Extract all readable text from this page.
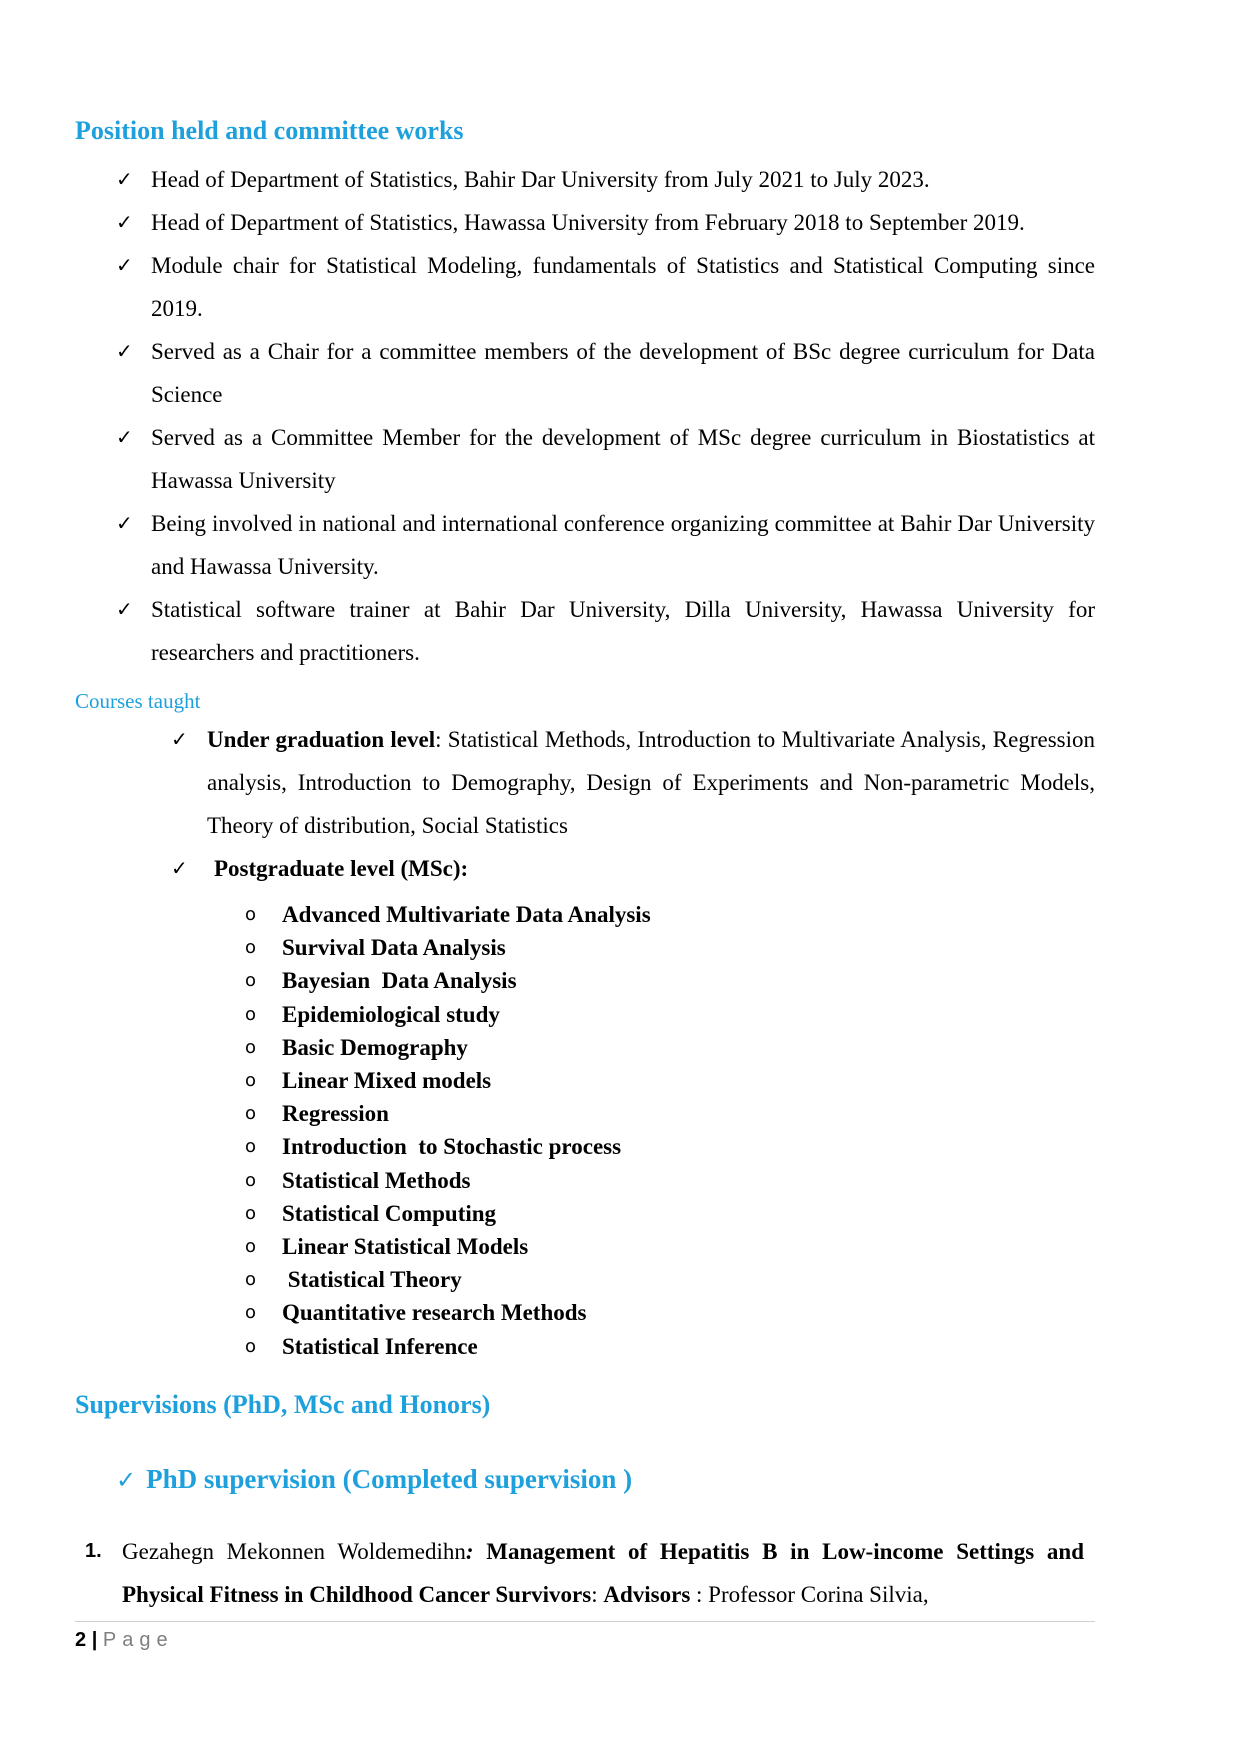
Position held and committee works
✓ Head of Department of Statistics, Bahir Dar University from July 2021 to July 2023.
✓ Head of Department of Statistics, Hawassa University from February 2018 to September 2019.
✓ Module chair for Statistical Modeling, fundamentals of Statistics and Statistical Computing since 2019.
✓ Served as a Chair for a committee members of the development of BSc degree curriculum for Data Science
✓ Served as a Committee Member for the development of MSc degree curriculum in Biostatistics at Hawassa University
✓ Being involved in national and international conference organizing committee at Bahir Dar University and Hawassa University.
✓ Statistical software trainer at Bahir Dar University, Dilla University, Hawassa University for researchers and practitioners.
Courses taught
✓ Under graduation level: Statistical Methods, Introduction to Multivariate Analysis, Regression analysis, Introduction to Demography, Design of Experiments and Non-parametric Models, Theory of distribution, Social Statistics
✓ Postgraduate level (MSc):
o Advanced Multivariate Data Analysis
o Survival Data Analysis
o Bayesian  Data Analysis
o Epidemiological study
o Basic Demography
o Linear Mixed models
o Regression
o Introduction  to Stochastic process
o Statistical Methods
o Statistical Computing
o Linear Statistical Models
o Statistical Theory
o Quantitative research Methods
o Statistical Inference
Supervisions (PhD, MSc and Honors)
✓ PhD supervision (Completed supervision )
1. Gezahegn Mekonnen Woldemedihn: Management of Hepatitis B in Low-income Settings and Physical Fitness in Childhood Cancer Survivors: Advisors : Professor Corina Silvia,
2 | Page
